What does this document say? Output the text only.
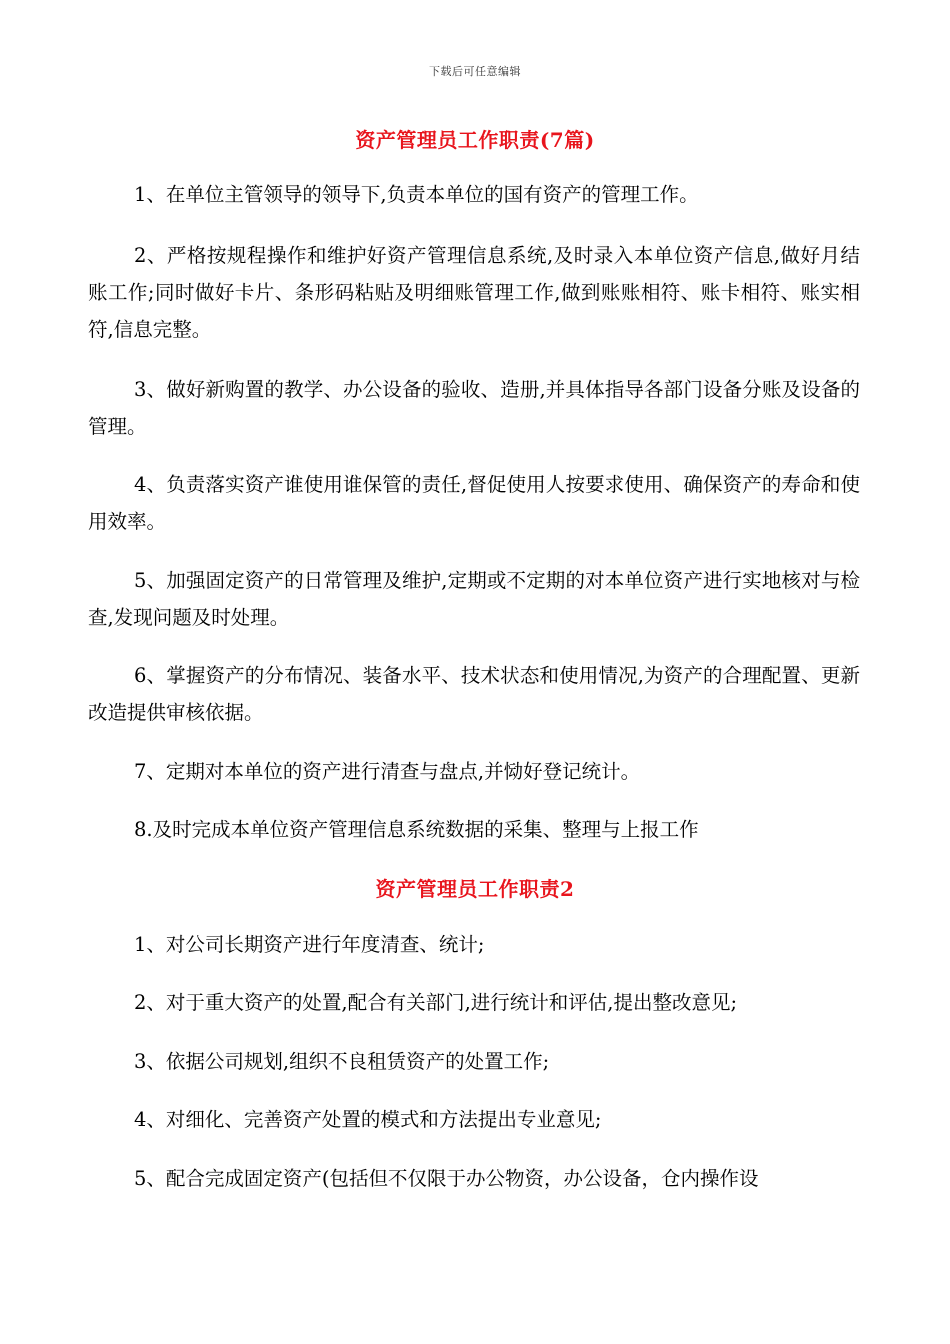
下载后可任意编辑
资产管理员工作职责(7篇)
1、在单位主管领导的领导下,负责本单位的国有资产的管理工作。
2、严格按规程操作和维护好资产管理信息系统,及时录入本单位资产信息,做好月结账工作;同时做好卡片、条形码粘贴及明细账管理工作,做到账账相符、账卡相符、账实相符,信息完整。
3、做好新购置的教学、办公设备的验收、造册,并具体指导各部门设备分账及设备的管理。
4、负责落实资产谁使用谁保管的责任,督促使用人按要求使用、确保资产的寿命和使用效率。
5、加强固定资产的日常管理及维护,定期或不定期的对本单位资产进行实地核对与检查,发现问题及时处理。
6、掌握资产的分布情况、装备水平、技术状态和使用情况,为资产的合理配置、更新改造提供审核依据。
7、定期对本单位的资产进行清查与盘点,并恸好登记统计。
8.及时完成本单位资产管理信息系统数据的采集、整理与上报工作
资产管理员工作职责2
1、对公司长期资产进行年度清查、统计;
2、对于重大资产的处置,配合有关部门,进行统计和评估,提出整改意见;
3、依据公司规划,组织不良租赁资产的处置工作;
4、对细化、完善资产处置的模式和方法提出专业意见;
5、配合完成固定资产(包括但不仅限于办公物资，办公设备，仓内操作设
